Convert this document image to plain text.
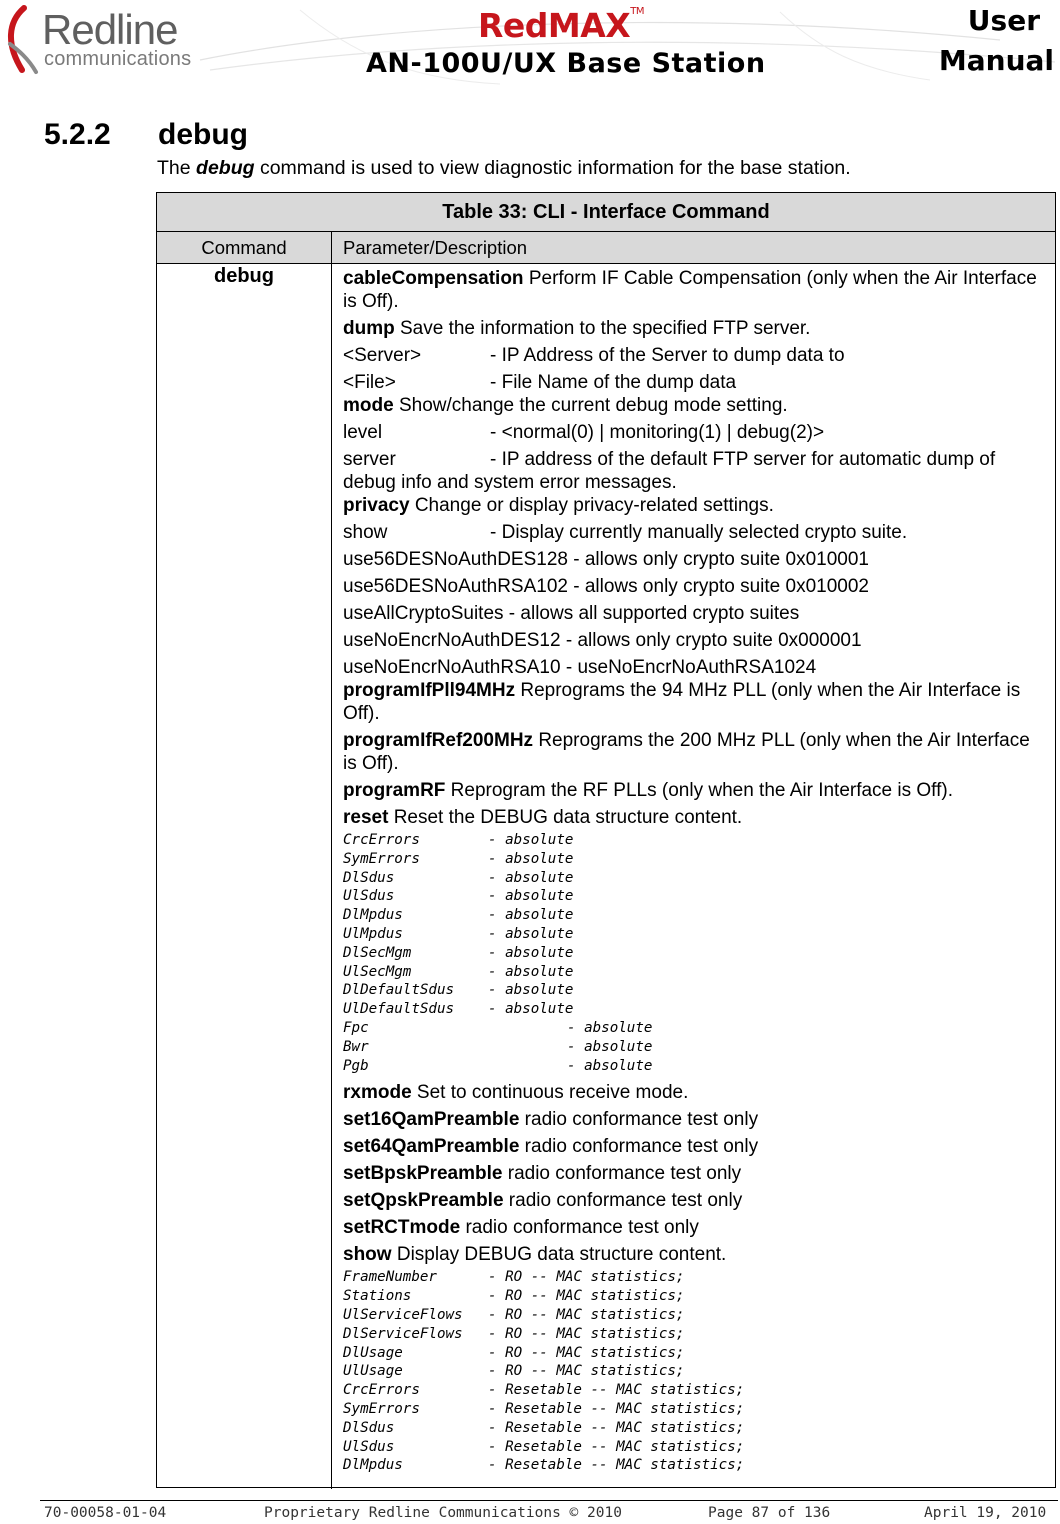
Redline
communications
RedMAX™
AN-100U/UX Base Station
User
Manual
5.2.2 debug
The debug command is used to view diagnostic information for the base station.
Table 33: CLI - Interface Command
Command	Parameter/Description
debug	cableCompensation Perform IF Cable Compensation (only when the Air Interface is Off).
dump Save the information to the specified FTP server.
<Server>	- IP Address of the Server to dump data to
<File>	- File Name of the dump data
mode Show/change the current debug mode setting.
level	- <normal(0) | monitoring(1) | debug(2)>
server	- IP address of the default FTP server for automatic dump of debug info and system error messages.
privacy Change or display privacy-related settings.
show	- Display currently manually selected crypto suite.
use56DESNoAuthDES128 - allows only crypto suite 0x010001
use56DESNoAuthRSA102 - allows only crypto suite 0x010002
useAllCryptoSuites - allows all supported crypto suites
useNoEncrNoAuthDES12 - allows only crypto suite 0x000001
useNoEncrNoAuthRSA10 - useNoEncrNoAuthRSA1024
programIfPll94MHz Reprograms the 94 MHz PLL (only when the Air Interface is Off).
programIfRef200MHz Reprograms the 200 MHz PLL (only when the Air Interface is Off).
programRF Reprogram the RF PLLs (only when the Air Interface is Off).
reset Reset the DEBUG data structure content.
CrcErrors	- absolute
SymErrors	- absolute
DlSdus	- absolute
UlSdus	- absolute
DlMpdus	- absolute
UlMpdus	- absolute
DlSecMgm	- absolute
UlSecMgm	- absolute
DlDefaultSdus - absolute
UlDefaultSdus - absolute
Fpc	- absolute
Bwr	- absolute
Pgb	- absolute
rxmode Set to continuous receive mode.
set16QamPreamble radio conformance test only
set64QamPreamble radio conformance test only
setBpskPreamble radio conformance test only
setQpskPreamble radio conformance test only
setRCTmode radio conformance test only
show Display DEBUG data structure content.
FrameNumber	- RO -- MAC statistics;
Stations	- RO -- MAC statistics;
UlServiceFlows - RO -- MAC statistics;
DlServiceFlows - RO -- MAC statistics;
DlUsage	- RO -- MAC statistics;
UlUsage	- RO -- MAC statistics;
CrcErrors	- Resetable -- MAC statistics;
SymErrors	- Resetable -- MAC statistics;
DlSdus	- Resetable -- MAC statistics;
UlSdus	- Resetable -- MAC statistics;
DlMpdus	- Resetable -- MAC statistics;
70-00058-01-04	Proprietary Redline Communications © 2010	Page 87 of 136	April 19, 2010
